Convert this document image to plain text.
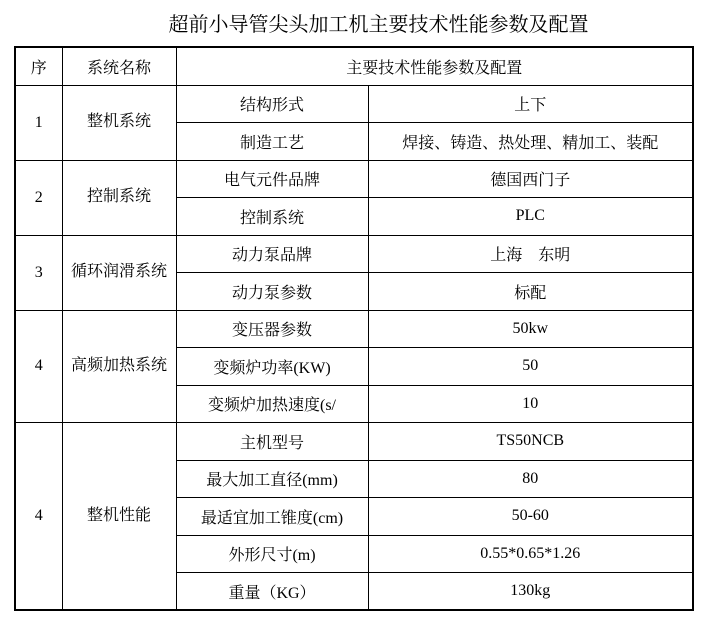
超前小导管尖头加工机主要技术性能参数及配置
序	系统名称	主要技术性能参数及配置	
1	整机系统	结构形式	上下
		制造工艺	焊接、铸造、热处理、精加工、装配
2	控制系统	电气元件品牌	德国西门子
		控制系统	PLC
3	循环润滑系统	动力泵品牌	上海　东明
		动力泵参数	标配
4	高频加热系统	变压器参数	50kw
		变频炉功率(KW)	50
		变频炉加热速度(s/	10
4	整机性能	主机型号	TS50NCB
		最大加工直径(mm)	80
		最适宜加工锥度(cm)	50-60
		外形尺寸(m)	0.55*0.65*1.26
		重量（KG）	130kg
